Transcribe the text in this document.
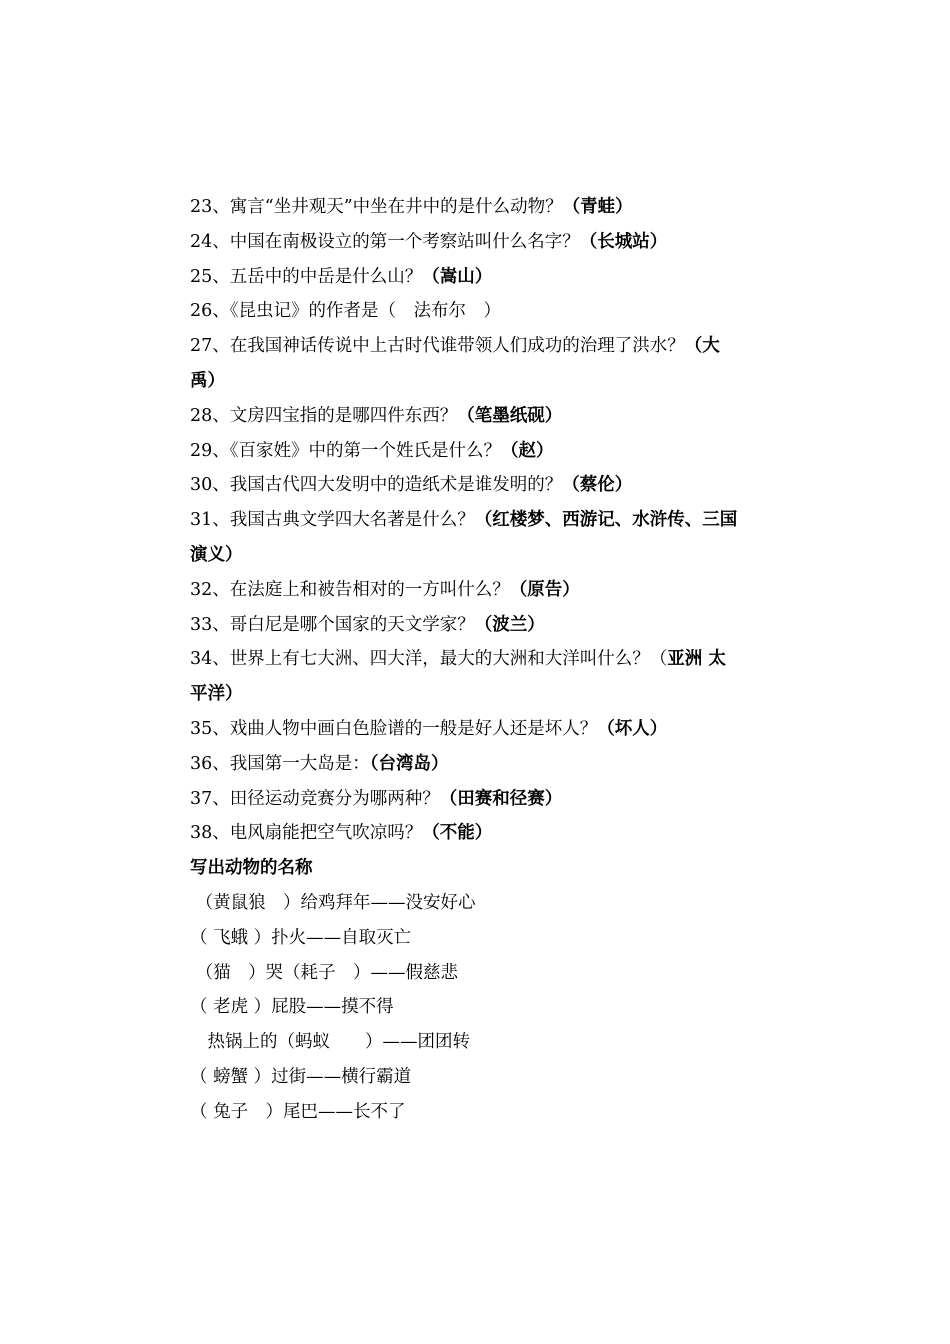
23、寓言“坐井观天”中坐在井中的是什么动物？（青蛙）
24、中国在南极设立的第一个考察站叫什么名字？（长城站）
25、五岳中的中岳是什么山？（嵩山）
26、《昆虫记》的作者是（　法布尔　）
27、在我国神话传说中上古时代谁带领人们成功的治理了洪水？（大
禹）
28、文房四宝指的是哪四件东西？（笔墨纸砚）
29、《百家姓》中的第一个姓氏是什么？（赵）
30、我国古代四大发明中的造纸术是谁发明的？（蔡伦）
31、我国古典文学四大名著是什么？（红楼梦、西游记、水浒传、三国
演义）
32、在法庭上和被告相对的一方叫什么？（原告）
33、哥白尼是哪个国家的天文学家？（波兰）
34、世界上有七大洲、四大洋，最大的大洲和大洋叫什么？（亚洲 太
平洋）
35、戏曲人物中画白色脸谱的一般是好人还是坏人？（坏人）
36、我国第一大岛是：（台湾岛）
37、田径运动竞赛分为哪两种？（田赛和径赛）
38、电风扇能把空气吹凉吗？（不能）
写出动物的名称
（黄鼠狼　）给鸡拜年——没安好心
（ 飞蛾 ）扑火——自取灭亡
（猫　）哭（耗子　）——假慈悲
（ 老虎 ）屁股——摸不得
　热锅上的（蚂蚁　　）——团团转
（ 螃蟹 ）过街——横行霸道
（ 兔子　）尾巴——长不了
